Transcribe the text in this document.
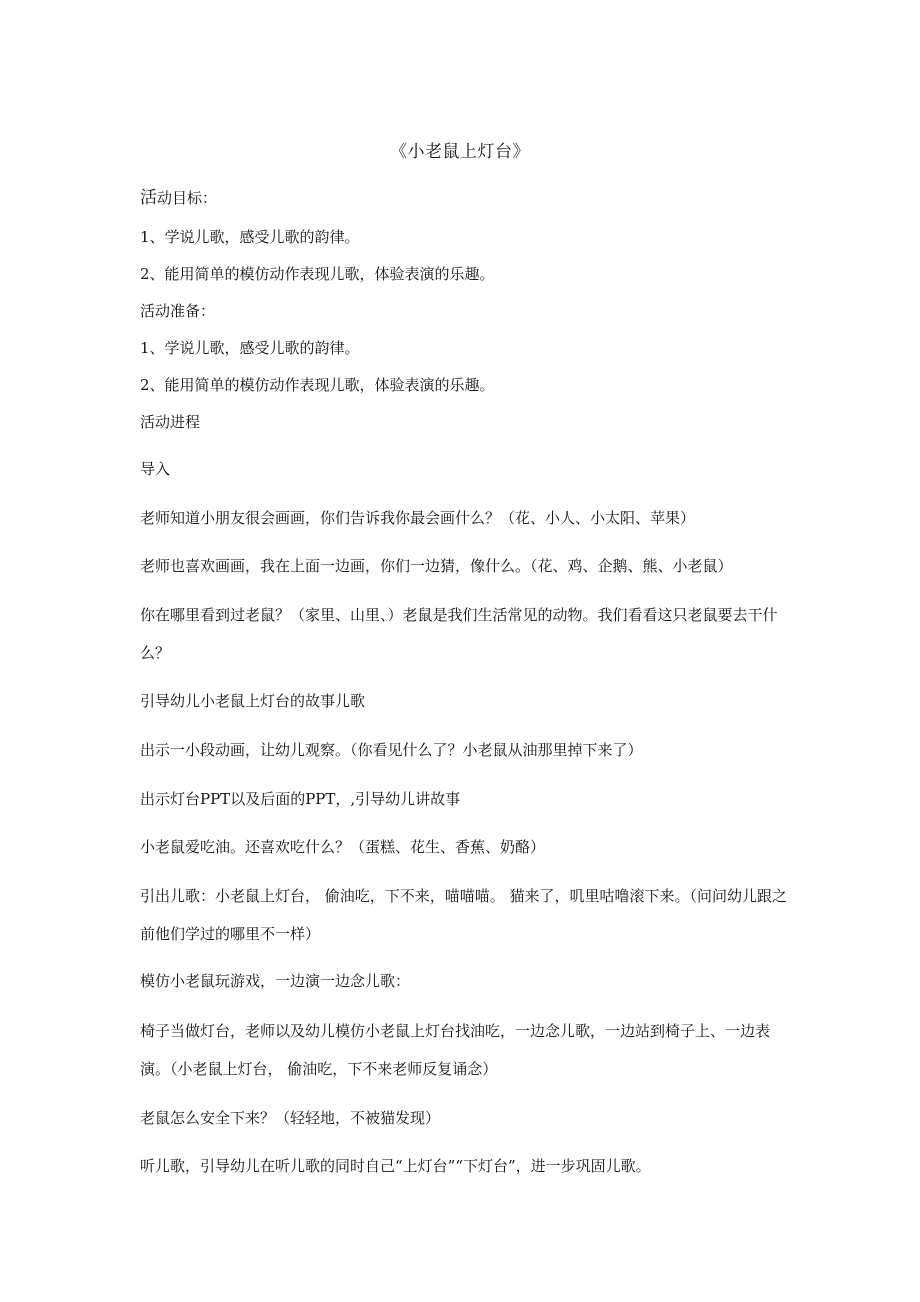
《小老鼠上灯台》
活动目标：
1、学说儿歌，感受儿歌的韵律。
2、能用简单的模仿动作表现儿歌，体验表演的乐趣。
活动准备：
1、学说儿歌，感受儿歌的韵律。
2、能用简单的模仿动作表现儿歌，体验表演的乐趣。
活动进程
导入
老师知道小朋友很会画画，你们告诉我你最会画什么？（花、小人、小太阳、苹果）
老师也喜欢画画，我在上面一边画，你们一边猜，像什么。（花、鸡、企鹅、熊、小老鼠）
你在哪里看到过老鼠？（家里、山里、）老鼠是我们生活常见的动物。我们看看这只老鼠要去干什么？
引导幼儿小老鼠上灯台的故事儿歌
出示一小段动画，让幼儿观察。（你看见什么了？小老鼠从油那里掉下来了）
出示灯台PPT以及后面的PPT，,引导幼儿讲故事
小老鼠爱吃油。还喜欢吃什么？（蛋糕、花生、香蕉、奶酪）
引出儿歌：小老鼠上灯台， 偷油吃，下不来，喵喵喵。 猫来了，叽里咕噜滚下来。（问问幼儿跟之前他们学过的哪里不一样）
模仿小老鼠玩游戏，一边演一边念儿歌：
椅子当做灯台，老师以及幼儿模仿小老鼠上灯台找油吃，一边念儿歌，一边站到椅子上、一边表演。（小老鼠上灯台， 偷油吃，下不来老师反复诵念）
老鼠怎么安全下来？（轻轻地，不被猫发现）
听儿歌，引导幼儿在听儿歌的同时自己“上灯台”“下灯台”，进一步巩固儿歌。
